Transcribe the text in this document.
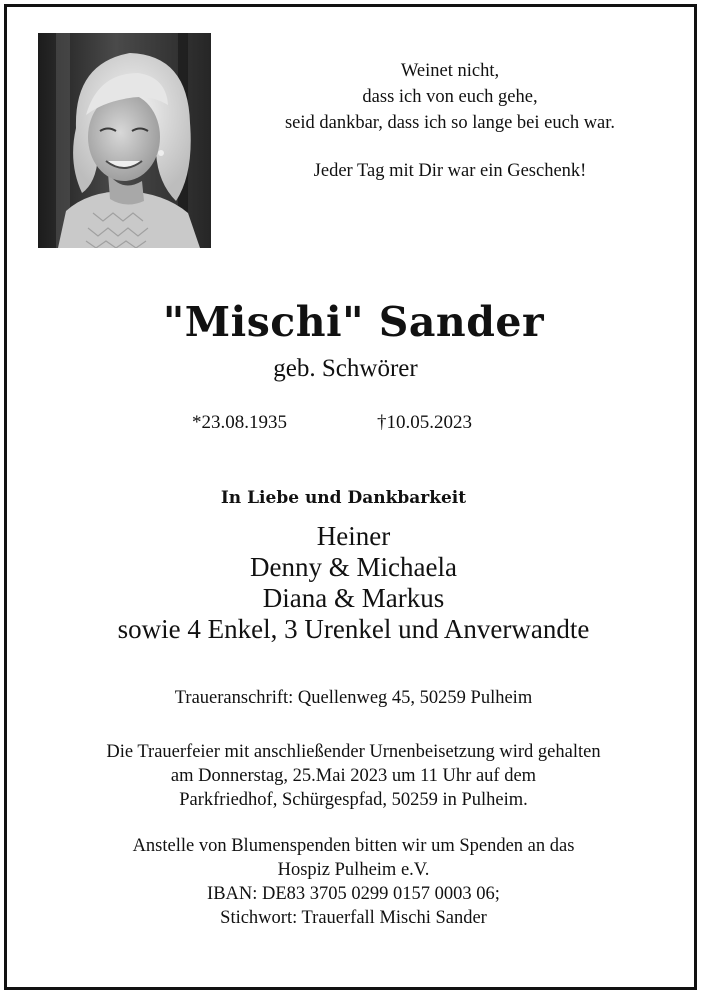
Weinet nicht,
dass ich von euch gehe,
seid dankbar, dass ich so lange bei euch war.
Jeder Tag mit Dir war ein Geschenk!
"Mischi" Sander
geb. Schwörer
*23.08.1935	†10.05.2023
In Liebe und Dankbarkeit
Heiner
Denny & Michaela
Diana & Markus
sowie 4 Enkel, 3 Urenkel und Anverwandte
Traueranschrift: Quellenweg 45, 50259 Pulheim
Die Trauerfeier mit anschließender Urnenbeisetzung wird gehalten
am Donnerstag, 25.Mai 2023 um 11 Uhr auf dem
Parkfriedhof, Schürgespfad, 50259 in Pulheim.
Anstelle von Blumenspenden bitten wir um Spenden an das
Hospiz Pulheim e.V.
IBAN: DE83 3705 0299 0157 0003 06;
Stichwort: Trauerfall Mischi Sander
